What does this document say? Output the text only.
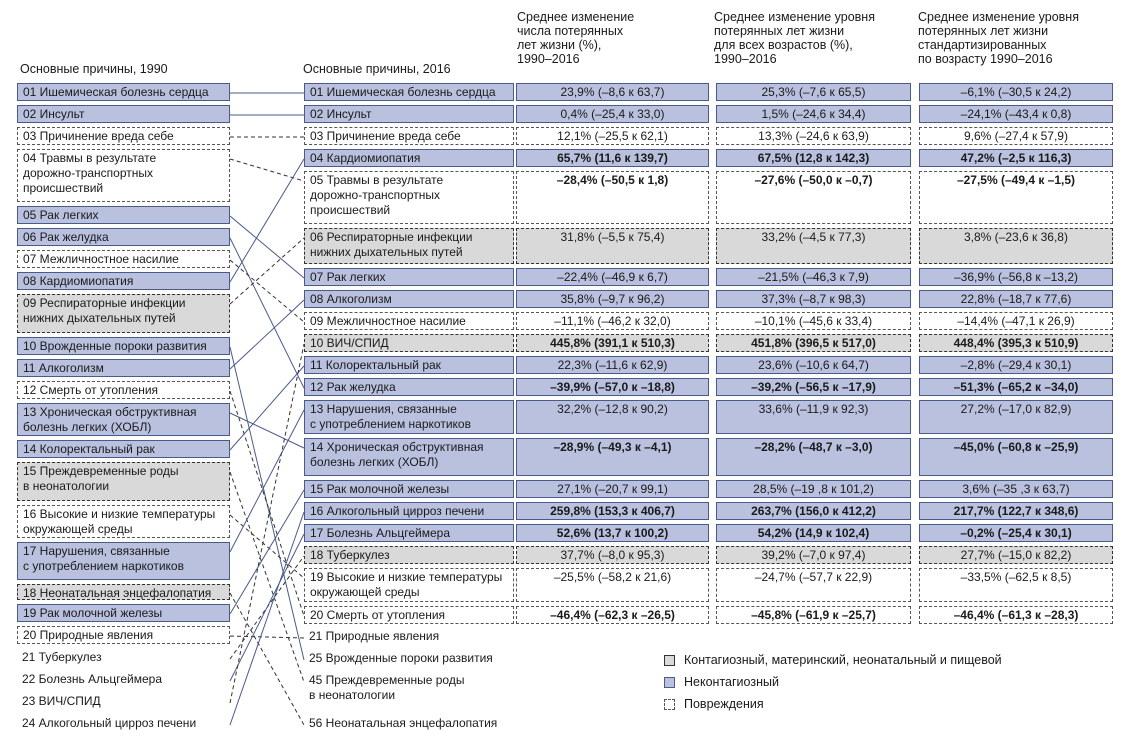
Основные причины, 1990	Основные причины, 2016
Среднее изменение
числа потерянных
лет жизни (%),
1990–2016
Среднее изменение уровня
потерянных лет жизни
для всех возрастов (%),
1990–2016
Среднее изменение уровня
потерянных лет жизни
стандартизированных
по возрасту 1990–2016
01 Ишемическая болезнь сердца
02 Инсульт
03 Причинение вреда себе
04 Травмы в результате
дорожно-транспортных
происшествий
05 Рак легких
06 Рак желудка
07 Межличностное насилие
08 Кардиомиопатия
09 Респираторные инфекции
нижних дыхательных путей
10 Врожденные пороки развития
11 Алкоголизм
12 Смерть от утопления
13 Хроническая обструктивная
болезнь легких (ХОБЛ)
14 Колоректальный рак
15 Преждевременные роды
в неонатологии
16 Высокие и низкие температуры
окружающей среды
17 Нарушения, связанные
с употреблением наркотиков
18 Неонатальная энцефалопатия
19 Рак молочной железы
20 Природные явления
21 Туберкулез
22 Болезнь Альцгеймера
23 ВИЧ/СПИД
24 Алкогольный цирроз печени
01 Ишемическая болезнь сердца	23,9% (–8,6 к 63,7)	25,3% (–7,6 к 65,5)	–6,1% (–30,5 к 24,2)
02 Инсульт	0,4% (–25,4 к 33,0)	1,5% (–24,6 к 34,4)	–24,1% (–43,4 к 0,8)
03 Причинение вреда себе	12,1% (–25,5 к 62,1)	13,3% (–24,6 к 63,9)	9,6% (–27,4 к 57,9)
04 Кардиомиопатия	65,7% (11,6 к 139,7)	67,5% (12,8 к 142,3)	47,2% (–2,5 к 116,3)
05 Травмы в результате
дорожно-транспортных
происшествий
–28,4% (–50,5 к 1,8)	–27,6% (–50,0 к –0,7)	–27,5% (–49,4 к –1,5)
06 Респираторные инфекции
нижних дыхательных путей
31,8% (–5,5 к 75,4)	33,2% (–4,5 к 77,3)	3,8% (–23,6 к 36,8)
07 Рак легких	–22,4% (–46,9 к 6,7)	–21,5% (–46,3 к 7,9)	–36,9% (–56,8 к –13,2)
08 Алкоголизм	35,8% (–9,7 к 96,2)	37,3% (–8,7 к 98,3)	22,8% (–18,7 к 77,6)
09 Межличностное насилие	–11,1% (–46,2 к 32,0)	–10,1% (–45,6 к 33,4)	–14,4% (–47,1 к 26,9)
10 ВИЧ/СПИД	445,8% (391,1 к 510,3)	451,8% (396,5 к 517,0)	448,4% (395,3 к 510,9)
11 Колоректальный рак	22,3% (–11,6 к 62,9)	23,6% (–10,6 к 64,7)	–2,8% (–29,4 к 30,1)
12 Рак желудка	–39,9% (–57,0 к –18,8)	–39,2% (–56,5 к –17,9)	–51,3% (–65,2 к –34,0)
13 Нарушения, связанные
с употреблением наркотиков
32,2% (–12,8 к 90,2)	33,6% (–11,9 к 92,3)	27,2% (–17,0 к 82,9)
14 Хроническая обструктивная
болезнь легких (ХОБЛ)
–28,9% (–49,3 к –4,1)	–28,2% (–48,7 к –3,0)	–45,0% (–60,8 к –25,9)
15 Рак молочной железы	27,1% (–20,7 к 99,1)	28,5% (–19 ,8 к 101,2)	3,6% (–35 ,3 к 63,7)
16 Алкогольный цирроз печени	259,8% (153,3 к 406,7)	263,7% (156,0 к 412,2)	217,7% (122,7 к 348,6)
17 Болезнь Альцгеймера	52,6% (13,7 к 100,2)	54,2% (14,9 к 102,4)	–0,2% (–25,4 к 30,1)
18 Туберкулез	37,7% (–8,0 к 95,3)	39,2% (–7,0 к 97,4)	27,7% (–15,0 к 82,2)
19 Высокие и низкие температуры
окружающей среды
–25,5% (–58,2 к 21,6)	–24,7% (–57,7 к 22,9)	–33,5% (–62,5 к 8,5)
20 Смерть от утопления	–46,4% (–62,3 к –26,5)	–45,8% (–61,9 к –25,7)	–46,4% (–61,3 к –28,3)
21 Природные явления
25 Врожденные пороки развития
45 Преждевременные роды
в неонатологии
56 Неонатальная энцефалопатия
Контагиозный, материнский, неонатальный и пищевой
Неконтагиозный
Повреждения
